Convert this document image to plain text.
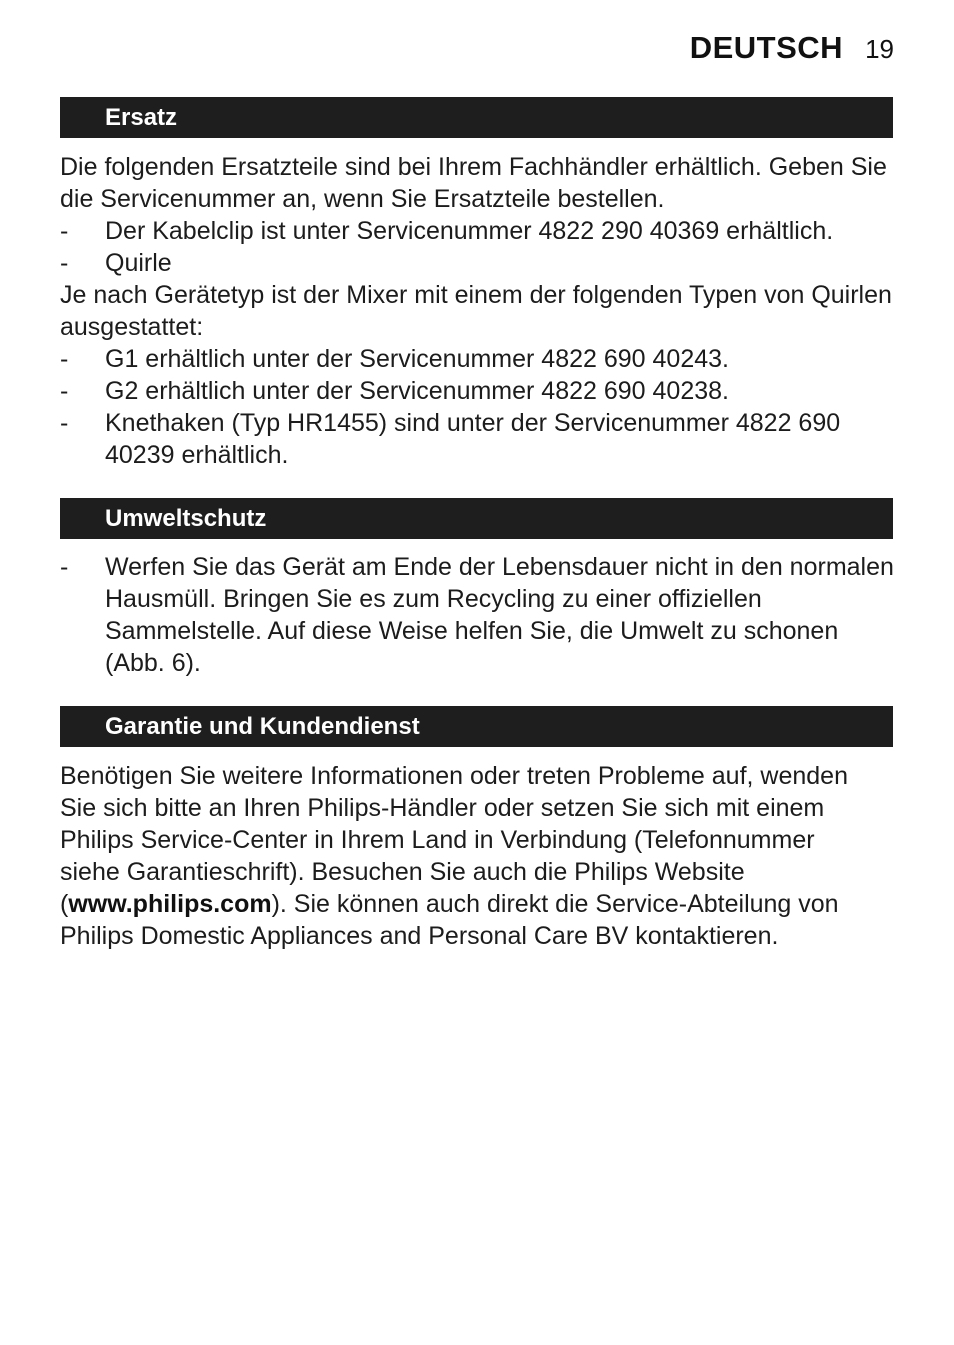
DEUTSCH 19
Ersatz

Die folgenden Ersatzteile sind bei Ihrem Fachhändler erhältlich. Geben Sie die Servicenummer an, wenn Sie Ersatzteile bestellen.

-	Der Kabelclip ist unter Servicenummer 4822 290 40369 erhältlich.
-	Quirle

Je nach Gerätetyp ist der Mixer mit einem der folgenden Typen von Quirlen ausgestattet:

-	G1 erhältlich unter der Servicenummer 4822 690 40243.
-	G2 erhältlich unter der Servicenummer 4822 690 40238.
-	Knethaken (Typ HR1455) sind unter der Servicenummer 4822 690 40239 erhältlich.
Umweltschutz
-	Werfen Sie das Gerät am Ende der Lebensdauer nicht in den normalen Hausmüll. Bringen Sie es zum Recycling zu einer offiziellen Sammelstelle. Auf diese Weise helfen Sie, die Umwelt zu schonen (Abb. 6).
Garantie und Kundendienst

Benötigen Sie weitere Informationen oder treten Probleme auf, wenden Sie sich bitte an Ihren Philips-Händler oder setzen Sie sich mit einem Philips Service-Center in Ihrem Land in Verbindung (Telefonnummer siehe Garantieschrift). Besuchen Sie auch die Philips Website (www.philips.com). Sie können auch direkt die Service-Abteilung von Philips Domestic Appliances and Personal Care BV kontaktieren.
